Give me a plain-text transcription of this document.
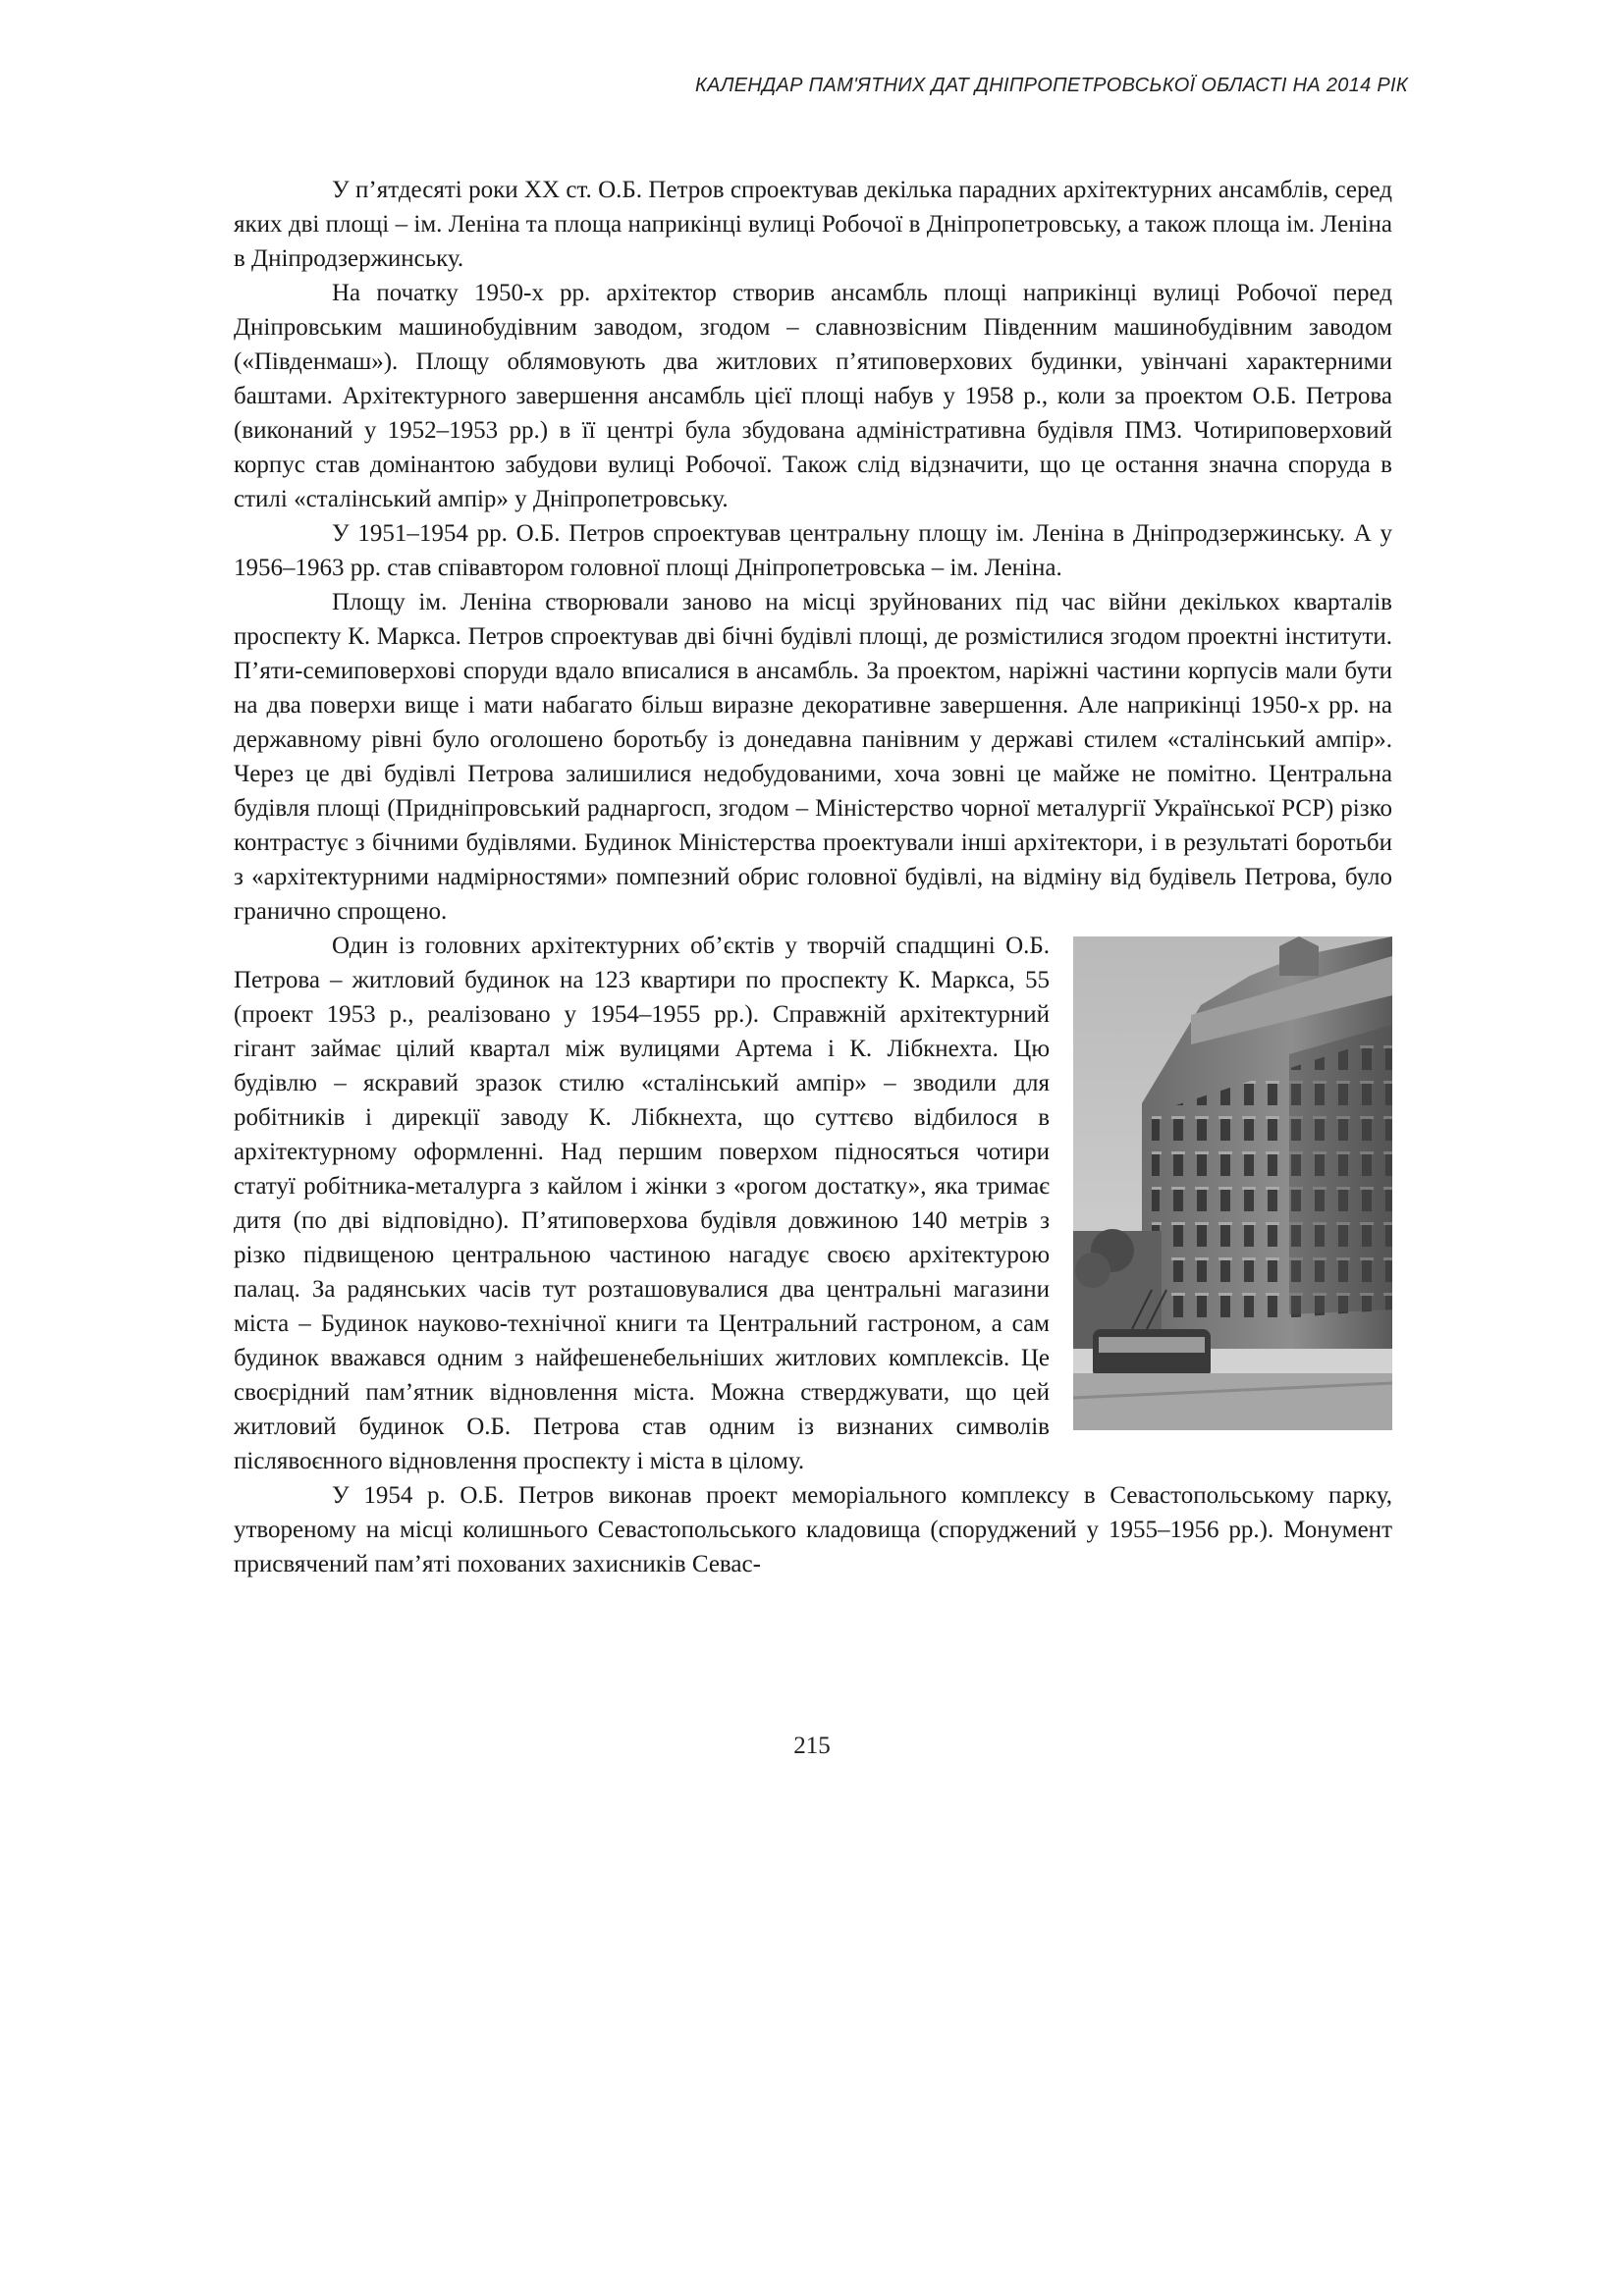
КАЛЕНДАР ПАМ'ЯТНИХ ДАТ ДНІПРОПЕТРОВСЬКОЇ ОБЛАСТІ НА 2014 РІК

У п’ятдесяті роки XX ст. О.Б. Петров спроектував декілька парадних архітектурних ансамблів, серед яких дві площі – ім. Леніна та площа наприкінці вулиці Робочої в Дніпропетровську, а також площа ім. Леніна в Дніпродзержинську.

На початку 1950-х рр. архітектор створив ансамбль площі наприкінці вулиці Робочої перед Дніпровським машинобудівним заводом, згодом – славнозвісним Південним машинобудівним заводом («Південмаш»). Площу облямовують два житлових п’ятиповерхових будинки, увінчані характерними баштами. Архітектурного завершення ансамбль цієї площі набув у 1958 р., коли за проектом О.Б. Петрова (виконаний у 1952–1953 рр.) в її центрі була збудована адміністративна будівля ПМЗ. Чотириповерховий корпус став домінантою забудови вулиці Робочої. Також слід відзначити, що це остання значна споруда в стилі «сталінський ампір» у Дніпропетровську.

У 1951–1954 рр. О.Б. Петров спроектував центральну площу ім. Леніна в Дніпродзержинську. А у 1956–1963 рр. став співавтором головної площі Дніпропетровська – ім. Леніна.

Площу ім. Леніна створювали заново на місці зруйнованих під час війни декількох кварталів проспекту К. Маркса. Петров спроектував дві бічні будівлі площі, де розмістилися згодом проектні інститути. П’яти-семиповерхові споруди вдало вписалися в ансамбль. За проектом, наріжні частини корпусів мали бути на два поверхи вище і мати набагато більш виразне декоративне завершення. Але наприкінці 1950-х рр. на державному рівні було оголошено боротьбу із донедавна панівним у державі стилем «сталінський ампір». Через це дві будівлі Петрова залишилися недобудованими, хоча зовні це майже не помітно. Центральна будівля площі (Придніпровський раднаргосп, згодом – Міністерство чорної металургії Української РСР) різко контрастує з бічними будівлями. Будинок Міністерства проектували інші архітектори, і в результаті боротьби з «архітектурними надмірностями» помпезний обрис головної будівлі, на відміну від будівель Петрова, було гранично спрощено.

Один із головних архітектурних об’єктів у творчій спадщині О.Б. Петрова – житловий будинок на 123 квартири по проспекту К. Маркса, 55 (проект 1953 р., реалізовано у 1954–1955 рр.). Справжній архітектурний гігант займає цілий квартал між вулицями Артема і К. Лібкнехта. Цю будівлю – яскравий зразок стилю «сталінський ампір» – зводили для робітників і дирекції заводу К. Лібкнехта, що суттєво відбилося в архітектурному оформленні. Над першим поверхом підносяться чотири статуї робітника-металурга з кайлом і жінки з «рогом достатку», яка тримає дитя (по дві відповідно). П’ятиповерхова будівля довжиною 140 метрів з різко підвищеною центральною частиною нагадує своєю архітектурою палац. За радянських часів тут розташовувалися два центральні магазини міста – Будинок науково-технічної книги та Центральний гастроном, а сам будинок вважався одним з найфешенебельніших житлових комплексів. Це своєрідний пам’ятник відновлення міста. Можна стверджувати, що цей житловий будинок О.Б. Петрова став одним із визнаних символів післявоєнного відновлення проспекту і міста в цілому.

У 1954 р. О.Б. Петров виконав проект меморіального комплексу в Севастопольському парку, утвореному на місці колишнього Севастопольського кладовища (споруджений у 1955–1956 рр.). Монумент присвячений пам’яті похованих захисників Севас-

215
